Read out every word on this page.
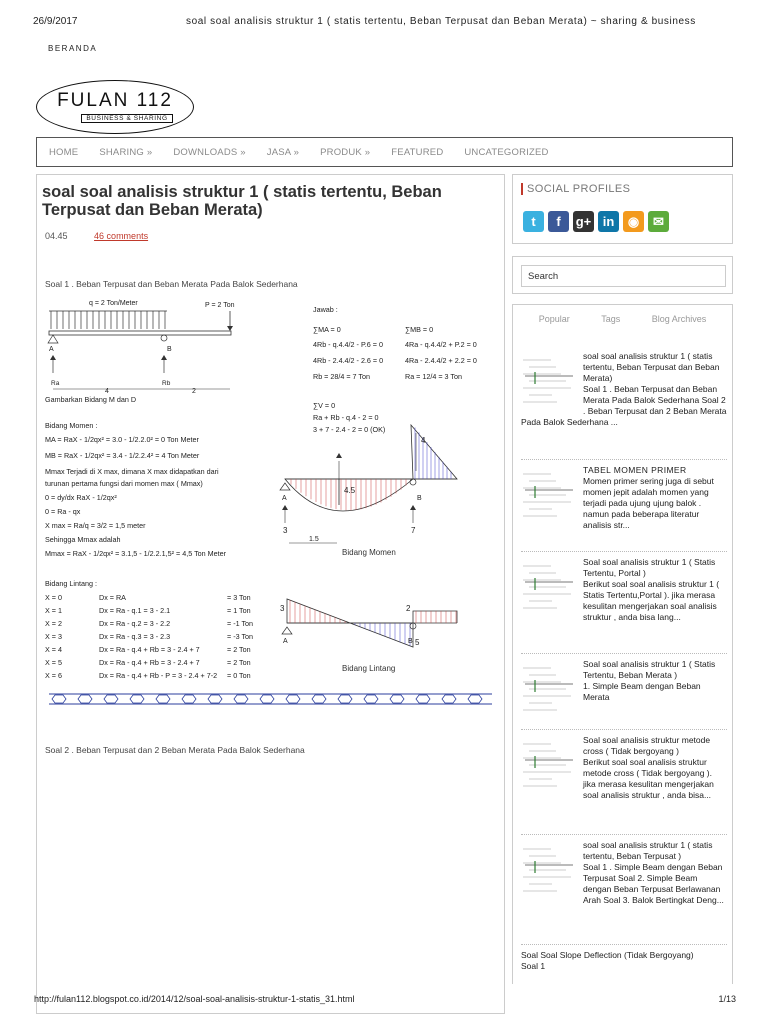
26/9/2017	soal soal analisis struktur 1 ( statis tertentu, Beban Terpusat dan Beban Merata) ~ sharing & business
BERANDA
FULAN 112
BUSINESS & SHARING
HOME SHARING » DOWNLOADS » JASA » PRODUK » FEATURED UNCATEGORIZED
soal soal analisis struktur 1 ( statis tertentu, Beban Terpusat dan Beban Merata)
04.45	46 comments
Soal 1 . Beban Terpusat dan Beban Merata Pada Balok Sederhana
q = 2 Ton/Meter	P = 2 Ton
A	B
Ra	Rb
4	2
4
4.5
A	B
3	7
1.5
Bidang Momen
3	2
5
A	B
Bidang Lintang
Gambarkan Bidang M dan D
Jawab :
∑MA = 0
4Rb - q.4.4/2 - P.6 = 0
4Rb - 2.4.4/2 - 2.6 = 0
Rb = 28/4 = 7 Ton
∑MB = 0
4Ra - q.4.4/2 + P.2 = 0
4Ra - 2.4.4/2 + 2.2 = 0
Ra = 12/4 = 3 Ton
∑V = 0
Ra + Rb - q.4 - 2 = 0
3 + 7 - 2.4 - 2 = 0 (OK)
Bidang Momen :
MA = RaX - 1/2qx² = 3.0 - 1/2.2.0² = 0 Ton Meter
MB = RaX - 1/2qx² = 3.4 - 1/2.2.4² = 4 Ton Meter
Mmax Terjadi di X max, dimana X max didapatkan dari
turunan pertama fungsi dari momen max ( Mmax)
0 = dy/dx RaX - 1/2qx²
0 = Ra - qx
X max = Ra/q = 3/2 = 1,5 meter
Sehingga Mmax adalah
Mmax = RaX - 1/2qx² = 3.1,5 - 1/2.2.1,5² = 4,5 Ton Meter
Bidang Lintang :
X = 0	Dx = RA	= 3 Ton
X = 1	Dx = Ra - q.1 = 3 - 2.1	= 1 Ton
X = 2	Dx = Ra - q.2 = 3 - 2.2	= -1 Ton
X = 3	Dx = Ra - q.3 = 3 - 2.3	= -3 Ton
X = 4	Dx = Ra - q.4 + Rb = 3 - 2.4 + 7	= 2 Ton
X = 5	Dx = Ra - q.4 + Rb = 3 - 2.4 + 7	= 2 Ton
X = 6	Dx = Ra - q.4 + Rb - P = 3 - 2.4 + 7-2 = 0 Ton
Soal 2 . Beban Terpusat dan 2 Beban Merata Pada Balok Sederhana
SOCIAL PROFILES
t	f	g+ in	◉	✉
Search
Popular	Tags	Blog Archives
soal soal analisis struktur 1 ( statis tertentu, Beban Terpusat dan Beban Merata)
Soal 1 . Beban Terpusat dan Beban Merata Pada Balok Sederhana Soal 2 . Beban Terpusat dan 2 Beban Merata Pada Balok Sederhana ...
TABEL MOMEN PRIMER
Momen primer sering juga di sebut momen jepit adalah momen yang terjadi pada ujung ujung balok . namun pada beberapa literatur analisis str...
Soal soal analisis struktur 1 ( Statis Tertentu, Portal )
Berikut soal soal analisis struktur 1 ( Statis Tertentu,Portal ). jika merasa kesulitan mengerjakan soal analisis struktur , anda bisa lang...
Soal soal analisis struktur 1 ( Statis Tertentu, Beban Merata )
1. Simple Beam dengan Beban Merata
Soal soal analisis struktur metode cross ( Tidak bergoyang )
Berikut soal soal analisis struktur metode cross ( Tidak bergoyang ). jika merasa kesulitan mengerjakan soal analisis struktur , anda bisa...
soal soal analisis struktur 1 ( statis tertentu, Beban Terpusat )
Soal 1 . Simple Beam dengan Beban Terpusat Soal 2. Simple Beam dengan Beban Terpusat Berlawanan Arah Soal 3. Balok Bertingkat Deng...
Soal Soal Slope Deflection (Tidak Bergoyang)
Soal 1
http://fulan112.blogspot.co.id/2014/12/soal-soal-analisis-struktur-1-statis_31.html	1/13
